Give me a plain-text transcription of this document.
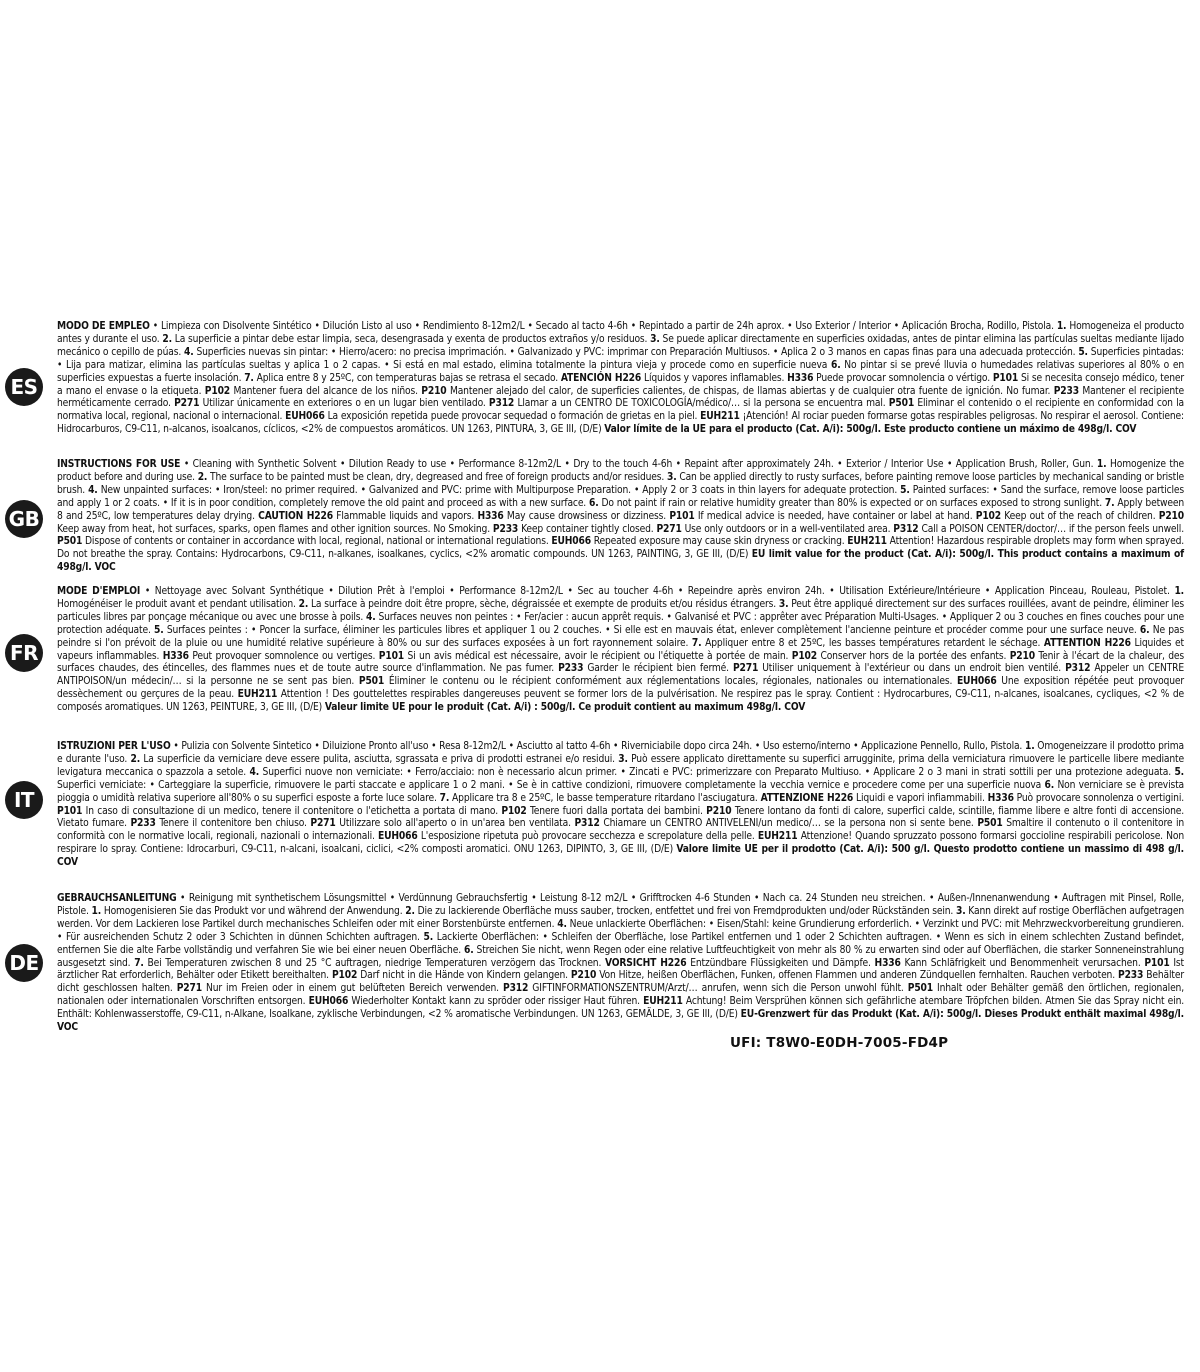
ES
MODO DE EMPLEO • Limpieza con Disolvente Sintético • Dilución Listo al uso • Rendimiento 8-12m2/L • Secado al tacto 4-6h • Repintado a partir de 24h aprox. • Uso Exterior / Interior • Aplicación Brocha, Rodillo, Pistola. 1. Homogeneiza el producto antes y durante el uso. 2. La superficie a pintar debe estar limpia, seca, desengrasada y exenta de productos extraños y/o residuos. 3. Se puede aplicar directamente en superficies oxidadas, antes de pintar elimina las partículas sueltas mediante lijado mecánico o cepillo de púas. 4. Superficies nuevas sin pintar: • Hierro/acero: no precisa imprimación. • Galvanizado y PVC: imprimar con Preparación Multiusos. • Aplica 2 o 3 manos en capas finas para una adecuada protección. 5. Superficies pintadas: • Lija para matizar, elimina las partículas sueltas y aplica 1 o 2 capas. • Si está en mal estado, elimina totalmente la pintura vieja y procede como en superficie nueva 6. No pintar si se prevé lluvia o humedades relativas superiores al 80% o en superficies expuestas a fuerte insolación. 7. Aplica entre 8 y 25ºC, con temperaturas bajas se retrasa el secado. ATENCIÓN H226 Líquidos y vapores inflamables. H336 Puede provocar somnolencia o vértigo. P101 Si se necesita consejo médico, tener a mano el envase o la etiqueta. P102 Mantener fuera del alcance de los niños. P210 Mantener alejado del calor, de superficies calientes, de chispas, de llamas abiertas y de cualquier otra fuente de ignición. No fumar. P233 Mantener el recipiente herméticamente cerrado. P271 Utilizar únicamente en exteriores o en un lugar bien ventilado. P312 Llamar a un CENTRO DE TOXICOLOGÍA/médico/… si la persona se encuentra mal. P501 Eliminar el contenido o el recipiente en conformidad con la normativa local, regional, nacional o internacional. EUH066 La exposición repetida puede provocar sequedad o formación de grietas en la piel. EUH211 ¡Atención! Al rociar pueden formarse gotas respirables peligrosas. No respirar el aerosol. Contiene: Hidrocarburos, C9-C11, n-alcanos, isoalcanos, cíclicos, <2% de compuestos aromáticos. UN 1263, PINTURA, 3, GE III, (D/E) Valor límite de la UE para el producto (Cat. A/i): 500g/l. Este producto contiene un máximo de 498g/l. COV
GB
INSTRUCTIONS FOR USE • Cleaning with Synthetic Solvent • Dilution Ready to use • Performance 8-12m2/L • Dry to the touch 4-6h • Repaint after approximately 24h. • Exterior / Interior Use • Application Brush, Roller, Gun. 1. Homogenize the product before and during use. 2. The surface to be painted must be clean, dry, degreased and free of foreign products and/or residues. 3. Can be applied directly to rusty surfaces, before painting remove loose particles by mechanical sanding or bristle brush. 4. New unpainted surfaces: • Iron/steel: no primer required. • Galvanized and PVC: prime with Multipurpose Preparation. • Apply 2 or 3 coats in thin layers for adequate protection. 5. Painted surfaces: • Sand the surface, remove loose particles and apply 1 or 2 coats. • If it is in poor condition, completely remove the old paint and proceed as with a new surface. 6. Do not paint if rain or relative humidity greater than 80% is expected or on surfaces exposed to strong sunlight. 7. Apply between 8 and 25ºC, low temperatures delay drying. CAUTION H226 Flammable liquids and vapors. H336 May cause drowsiness or dizziness. P101 If medical advice is needed, have container or label at hand. P102 Keep out of the reach of children. P210 Keep away from heat, hot surfaces, sparks, open flames and other ignition sources. No Smoking. P233 Keep container tightly closed. P271 Use only outdoors or in a well-ventilated area. P312 Call a POISON CENTER/doctor/… if the person feels unwell. P501 Dispose of contents or container in accordance with local, regional, national or international regulations. EUH066 Repeated exposure may cause skin dryness or cracking. EUH211 Attention! Hazardous respirable droplets may form when sprayed. Do not breathe the spray. Contains: Hydrocarbons, C9-C11, n-alkanes, isoalkanes, cyclics, <2% aromatic compounds. UN 1263, PAINTING, 3, GE III, (D/E) EU limit value for the product (Cat. A/i): 500g/l. This product contains a maximum of 498g/l. VOC
FR
MODE D'EMPLOI • Nettoyage avec Solvant Synthétique • Dilution Prêt à l'emploi • Performance 8-12m2/L • Sec au toucher 4-6h • Repeindre après environ 24h. • Utilisation Extérieure/Intérieure • Application Pinceau, Rouleau, Pistolet. 1. Homogénéiser le produit avant et pendant utilisation. 2. La surface à peindre doit être propre, sèche, dégraissée et exempte de produits et/ou résidus étrangers. 3. Peut être appliqué directement sur des surfaces rouillées, avant de peindre, éliminer les particules libres par ponçage mécanique ou avec une brosse à poils. 4. Surfaces neuves non peintes : • Fer/acier : aucun apprêt requis. • Galvanisé et PVC : apprêter avec Préparation Multi-Usages. • Appliquer 2 ou 3 couches en fines couches pour une protection adéquate. 5. Surfaces peintes : • Poncer la surface, éliminer les particules libres et appliquer 1 ou 2 couches. • Si elle est en mauvais état, enlever complètement l'ancienne peinture et procéder comme pour une surface neuve. 6. Ne pas peindre si l'on prévoit de la pluie ou une humidité relative supérieure à 80% ou sur des surfaces exposées à un fort rayonnement solaire. 7. Appliquer entre 8 et 25ºC, les basses températures retardent le séchage. ATTENTION H226 Liquides et vapeurs inflammables. H336 Peut provoquer somnolence ou vertiges. P101 Si un avis médical est nécessaire, avoir le récipient ou l'étiquette à portée de main. P102 Conserver hors de la portée des enfants. P210 Tenir à l'écart de la chaleur, des surfaces chaudes, des étincelles, des flammes nues et de toute autre source d'inflammation. Ne pas fumer. P233 Garder le récipient bien fermé. P271 Utiliser uniquement à l'extérieur ou dans un endroit bien ventilé. P312 Appeler un CENTRE ANTIPOISON/un médecin/… si la personne ne se sent pas bien. P501 Éliminer le contenu ou le récipient conformément aux réglementations locales, régionales, nationales ou internationales. EUH066 Une exposition répétée peut provoquer dessèchement ou gerçures de la peau. EUH211 Attention ! Des gouttelettes respirables dangereuses peuvent se former lors de la pulvérisation. Ne respirez pas le spray. Contient : Hydrocarbures, C9-C11, n-alcanes, isoalcanes, cycliques, <2 % de composés aromatiques. UN 1263, PEINTURE, 3, GE III, (D/E) Valeur limite UE pour le produit (Cat. A/i) : 500g/l. Ce produit contient au maximum 498g/l. COV
IT
ISTRUZIONI PER L'USO • Pulizia con Solvente Sintetico • Diluizione Pronto all'uso • Resa 8-12m2/L • Asciutto al tatto 4-6h • Riverniciabile dopo circa 24h. • Uso esterno/interno • Applicazione Pennello, Rullo, Pistola. 1. Omogeneizzare il prodotto prima e durante l'uso. 2. La superficie da verniciare deve essere pulita, asciutta, sgrassata e priva di prodotti estranei e/o residui. 3. Può essere applicato direttamente su superfici arrugginite, prima della verniciatura rimuovere le particelle libere mediante levigatura meccanica o spazzola a setole. 4. Superfici nuove non verniciate: • Ferro/acciaio: non è necessario alcun primer. • Zincati e PVC: primerizzare con Preparato Multiuso. • Applicare 2 o 3 mani in strati sottili per una protezione adeguata. 5. Superfici verniciate: • Carteggiare la superficie, rimuovere le parti staccate e applicare 1 o 2 mani. • Se è in cattive condizioni, rimuovere completamente la vecchia vernice e procedere come per una superficie nuova 6. Non verniciare se è prevista pioggia o umidità relativa superiore all'80% o su superfici esposte a forte luce solare. 7. Applicare tra 8 e 25ºC, le basse temperature ritardano l'asciugatura. ATTENZIONE H226 Liquidi e vapori infiammabili. H336 Può provocare sonnolenza o vertigini. P101 In caso di consultazione di un medico, tenere il contenitore o l'etichetta a portata di mano. P102 Tenere fuori dalla portata dei bambini. P210 Tenere lontano da fonti di calore, superfici calde, scintille, fiamme libere e altre fonti di accensione. Vietato fumare. P233 Tenere il contenitore ben chiuso. P271 Utilizzare solo all'aperto o in un'area ben ventilata. P312 Chiamare un CENTRO ANTIVELENI/un medico/… se la persona non si sente bene. P501 Smaltire il contenuto o il contenitore in conformità con le normative locali, regionali, nazionali o internazionali. EUH066 L'esposizione ripetuta può provocare secchezza e screpolature della pelle. EUH211 Attenzione! Quando spruzzato possono formarsi goccioline respirabili pericolose. Non respirare lo spray. Contiene: Idrocarburi, C9-C11, n-alcani, isoalcani, ciclici, <2% composti aromatici. ONU 1263, DIPINTO, 3, GE III, (D/E) Valore limite UE per il prodotto (Cat. A/i): 500 g/l. Questo prodotto contiene un massimo di 498 g/l. COV
DE
GEBRAUCHSANLEITUNG • Reinigung mit synthetischem Lösungsmittel • Verdünnung Gebrauchsfertig • Leistung 8-12 m2/L • Grifftrocken 4-6 Stunden • Nach ca. 24 Stunden neu streichen. • Außen-/Innenanwendung • Auftragen mit Pinsel, Rolle, Pistole. 1. Homogenisieren Sie das Produkt vor und während der Anwendung. 2. Die zu lackierende Oberfläche muss sauber, trocken, entfettet und frei von Fremdprodukten und/oder Rückständen sein. 3. Kann direkt auf rostige Oberflächen aufgetragen werden. Vor dem Lackieren lose Partikel durch mechanisches Schleifen oder mit einer Borstenbürste entfernen. 4. Neue unlackierte Oberflächen: • Eisen/Stahl: keine Grundierung erforderlich. • Verzinkt und PVC: mit Mehrzweckvorbereitung grundieren. • Für ausreichenden Schutz 2 oder 3 Schichten in dünnen Schichten auftragen. 5. Lackierte Oberflächen: • Schleifen der Oberfläche, lose Partikel entfernen und 1 oder 2 Schichten auftragen. • Wenn es sich in einem schlechten Zustand befindet, entfernen Sie die alte Farbe vollständig und verfahren Sie wie bei einer neuen Oberfläche. 6. Streichen Sie nicht, wenn Regen oder eine relative Luftfeuchtigkeit von mehr als 80 % zu erwarten sind oder auf Oberflächen, die starker Sonneneinstrahlung ausgesetzt sind. 7. Bei Temperaturen zwischen 8 und 25 °C auftragen, niedrige Temperaturen verzögern das Trocknen. VORSICHT H226 Entzündbare Flüssigkeiten und Dämpfe. H336 Kann Schläfrigkeit und Benommenheit verursachen. P101 Ist ärztlicher Rat erforderlich, Behälter oder Etikett bereithalten. P102 Darf nicht in die Hände von Kindern gelangen. P210 Von Hitze, heißen Oberflächen, Funken, offenen Flammen und anderen Zündquellen fernhalten. Rauchen verboten. P233 Behälter dicht geschlossen halten. P271 Nur im Freien oder in einem gut belüfteten Bereich verwenden. P312 GIFTINFORMATIONSZENTRUM/Arzt/… anrufen, wenn sich die Person unwohl fühlt. P501 Inhalt oder Behälter gemäß den örtlichen, regionalen, nationalen oder internationalen Vorschriften entsorgen. EUH066 Wiederholter Kontakt kann zu spröder oder rissiger Haut führen. EUH211 Achtung! Beim Versprühen können sich gefährliche atembare Tröpfchen bilden. Atmen Sie das Spray nicht ein. Enthält: Kohlenwasserstoffe, C9-C11, n-Alkane, Isoalkane, zyklische Verbindungen, <2 % aromatische Verbindungen. UN 1263, GEMÄLDE, 3, GE III, (D/E) EU-Grenzwert für das Produkt (Kat. A/i): 500g/l. Dieses Produkt enthält maximal 498g/l. VOC
UFI: T8W0-E0DH-7005-FD4P
